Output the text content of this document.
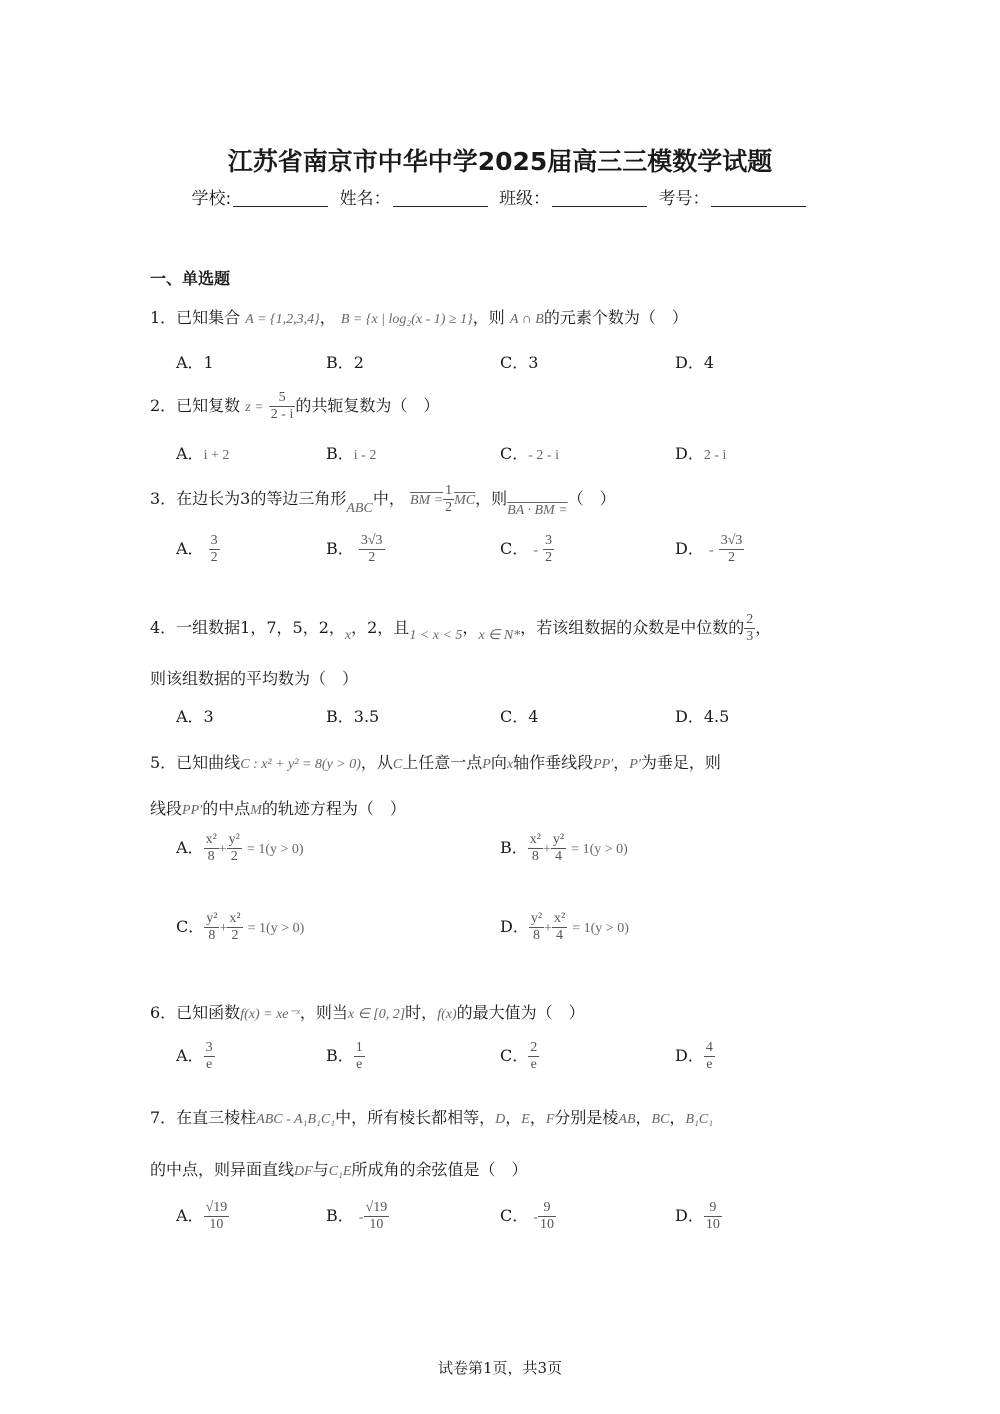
江苏省南京市中华中学2025届高三三模数学试题
学校:	姓名：	班级：	考号：
一、单选题
1．已知集合 A = {1,2,3,4}， B = {x | log₂(x - 1) ≥ 1}，则 A ∩ B的元素个数为（　）
A．1	B．2	C．3	D．4
2．已知复数 $z = \frac{5}{2 - i}$ 的共轭复数为（　）
A．i + 2	B．i - 2	C．- 2 - i	D．2 - i
3．在边长为3的等边三角形ABC中， BM = $\frac{1}{2} \overline{MC}$，则BA · BM =（　）
A． $\frac{3}{2}$	B． $\frac{3√3}{2}$	C． - $\frac{3}{2}$	D． - $\frac{3√3}{2}$
4．一组数据1，7，5，2，x，2，且1 < x < 5，x ∈ N*，若该组数据的众数是中位数的 $\frac{2}{3}$ ，
则该组数据的平均数为（　）
A．3	B．3.5	C．4	D．4.5
5．已知曲线C : x² + y² = 8(y > 0)，从C上任意一点P向x轴作垂线段PP′，P′为垂足，则
线段PP′的中点M的轨迹方程为（　）
A． $\frac{\text{x²}}{8} + \frac{\text{y²}}{2} = 1(y > 0)$	B． $\frac{\text{x²}}{8} + \frac{\text{y²}}{4} = 1(y > 0)$
C． $\frac{\text{y²}}{8} + \frac{\text{x²}}{2} = 1(y > 0)$	D． $\frac{\text{y²}}{8} + \frac{\text{x²}}{4} = 1(y > 0)$
6．已知函数f(x) = xe⁻ˣ，则当x ∈ [0, 2]时，f(x)的最大值为（　）
A． $\frac{3}{e}$	B． $\frac{1}{e}$	C． $\frac{2}{e}$	D． $\frac{4}{e}$
7．在直三棱柱ABC - A₁B₁C₁中，所有棱长都相等，D，E，F分别是棱AB，BC，B₁C₁
的中点，则异面直线DF与C₁E所成角的余弦值是（　）
A． $\frac{√19}{10}$	B． - $\frac{√19}{10}$	C． - $\frac{9}{10}$	D． $\frac{9}{10}$
试卷第1页，共3页
